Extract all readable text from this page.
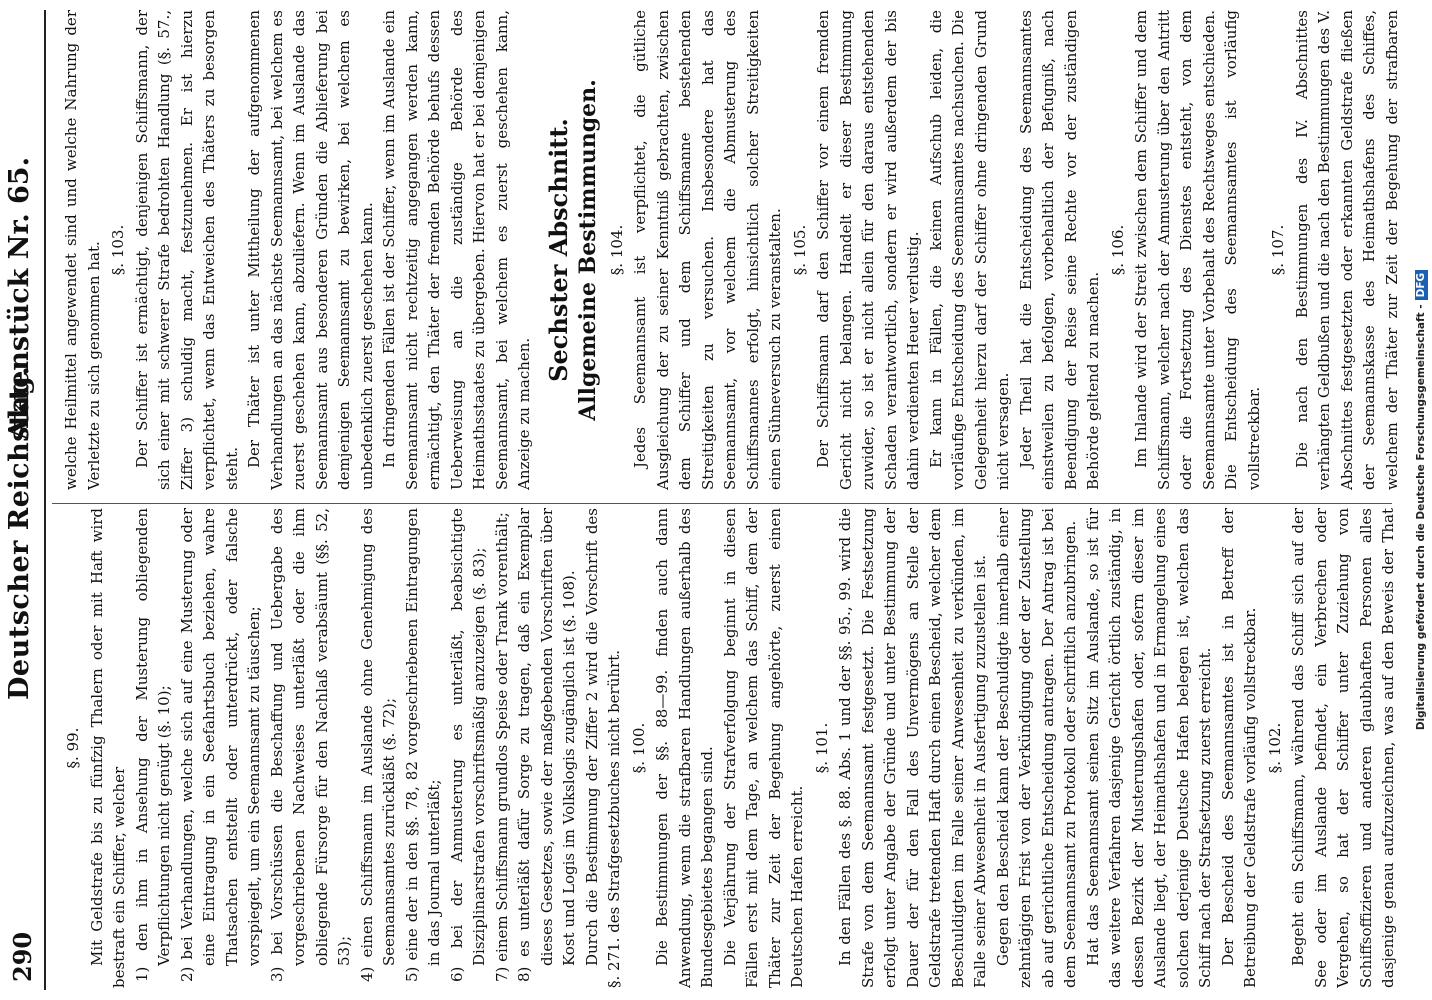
290
Deutscher Reichstag.
Aktenstück Nr. 65.
§. 99. Mit Geldstrafe bis zu fünfzig Thalern oder mit Haft wird bestraft ein Schiffer, welcher 1) den ihm in Ansehung der Musterung obliegenden Verpflichtungen nicht genügt (§. 10); 2) bei Verhandlungen, welche sich auf eine Musterung oder eine Eintragung in ein Seefahrtsbuch beziehen, wahre Thatsachen entstellt oder unterdrückt, oder falsche vorspiegelt, um ein Seemannsamt zu täuschen; 3) bei Vorschüssen die Beschaffung und Uebergabe des vorgeschriebenen Nachweises unterläßt oder die ihm obliegende Fürsorge für den Nachlaß verabsäumt (§§. 52, 53); 4) einen Schiffsmann im Auslande ohne Genehmigung des Seemannsamtes zurückläßt (§. 72); 5) eine der in den §§. 78, 82 vorgeschriebenen Eintragungen in das Journal unterläßt; 6) bei der Anmusterung es unterläßt, beabsichtigte Disziplinarstrafen vorschriftsmäßig anzuzeigen (§. 83); 7) einem Schiffsmann grundlos Speise oder Trank vorenthält; 8) es unterläßt dafür Sorge zu tragen, daß ein Exemplar dieses Gesetzes, sowie der maßgebenden Vorschriften über Kost und Logis im Volkslogis zugänglich ist (§. 108). Durch die Bestimmung der Ziffer 2 wird die Vorschrift des §. 271. des Strafgesetzbuches nicht berührt. §. 100. Die Bestimmungen der §§. 88—99. finden auch dann Anwendung, wenn die strafbaren Handlungen außerhalb des Bundesgebietes begangen sind. Die Verjährung der Strafverfolgung beginnt in diesen Fällen erst mit dem Tage, an welchem das Schiff, dem der Thäter zur Zeit der Begehung angehörte, zuerst einen Deutschen Hafen erreicht.

§. 101. In den Fällen des §. 88. Abs. 1 und der §§. 95., 99. wird die Strafe von dem Seemannsamt festgesetzt. Die Festsetzung erfolgt unter Angabe der Gründe und unter Bestimmung der Dauer der für den Fall des Unvermögens an Stelle der Geldstrafe tretenden Haft durch einen Bescheid, welcher dem Beschuldigten im Falle seiner Anwesenheit zu verkünden, im Falle seiner Abwesenheit in Ausfertigung zuzustellen ist. Gegen den Bescheid kann der Beschuldigte innerhalb einer zehntägigen Frist von der Verkündigung oder der Zustellung ab auf gerichtliche Entscheidung antragen. Der Antrag ist bei dem Seemannsamt zu Protokoll oder schriftlich anzubringen. Hat das Seemannsamt seinen Sitz im Auslande, so ist für das weitere Verfahren dasjenige Gericht örtlich zuständig, in dessen Bezirk der Musterungshafen oder, sofern dieser im Auslande liegt, der Heimathshafen und in Ermangelung eines solchen derjenige Deutsche Hafen belegen ist, welchen das Schiff nach der Strafsetzung zuerst erreicht. Der Bescheid des Seemannsamtes ist in Betreff der Betreibung der Geldstrafe vorläufig vollstreckbar. §. 102.

Begeht ein Schiffsmann, während das Schiff sich auf der See oder im Auslande befindet, ein Verbrechen oder Vergehen, so hat der Schiffer unter Zuziehung von Schiffsoffizieren und anderen glaubhaften Personen alles dasjenige genau aufzuzeichnen, was auf den Beweis der That

welche Heilmittel angewendet sind und welche Nahrung der Verletzte zu sich genommen hat. §. 103. Der Schiffer ist ermächtigt, denjenigen Schiffsmann, der sich einer mit schwerer Strafe bedrohten Handlung (§. 57., Ziffer 3) schuldig macht, festzunehmen. Er ist hierzu verpflichtet, wenn das Entweichen des Thäters zu besorgen steht.

Der Thäter ist unter Mittheilung der aufgenommenen Verhandlungen an das nächste Seemannsamt, bei welchem es zuerst geschehen kann, abzuliefern. Wenn im Auslande das Seemannsamt aus besonderen Gründen die Ablieferung bei demjenigen Seemannsamt zu bewirken, bei welchem es unbedenklich zuerst geschehen kann. In dringenden Fällen ist der Schiffer, wenn im Auslande ein Seemannsamt nicht rechtzeitig angegangen werden kann, ermächtigt, den Thäter der fremden Behörde behufs dessen Ueberweisung an die zuständige Behörde des Heimathsstaates zu übergeben. Hiervon hat er bei demjenigen Seemannsamt, bei welchem es zuerst geschehen kann, Anzeige zu machen.

Sechster Abschnitt. Allgemeine Bestimmungen. §. 104. Jedes Seemannsamt ist verpflichtet, die gütliche Ausgleichung der zu seiner Kenntniß gebrachten, zwischen dem Schiffer und dem Schiffsmanne bestehenden Streitigkeiten zu versuchen. Insbesondere hat das Seemannsamt, vor welchem die Abmusterung des Schiffsmannes erfolgt, hinsichtlich solcher Streitigkeiten einen Sühneversuch zu veranstalten. §. 105. Der Schiffsmann darf den Schiffer vor einem fremden Gericht nicht belangen. Handelt er dieser Bestimmung zuwider, so ist er nicht allein für den daraus entstehenden Schaden verantwortlich, sondern er wird außerdem der bis dahin verdienten Heuer verlustig. Er kann in Fällen, die keinen Aufschub leiden, die vorläufige Entscheidung des Seemannsamtes nachsuchen. Die Gelegenheit hierzu darf der Schiffer ohne dringenden Grund nicht versagen. Jeder Theil hat die Entscheidung des Seemannsamtes einstweilen zu befolgen, vorbehaltlich der Befugniß, nach Beendigung der Reise seine Rechte vor der zuständigen Behörde geltend zu machen.

§. 106. Im Inlande wird der Streit zwischen dem Schiffer und dem Schiffsmann, welcher nach der Anmusterung über den Antritt oder die Fortsetzung des Dienstes entsteht, von dem Seemannsamte unter Vorbehalt des Rechtsweges entschieden. Die Entscheidung des Seemannsamtes ist vorläufig vollstreckbar.

§. 107.

Die nach den Bestimmungen des IV. Abschnittes verhängten Geldbußen und die nach den Bestimmungen des V. Abschnittes festgesetzten oder erkannten Geldstrafe fließen der Seemannskasse des Heimathshafens des Schiffes, welchem der Thäter zur Zeit der Begehung der strafbaren

Digitalisierung gefördert durch die Deutsche Forschungsgemeinschaft -DFG
